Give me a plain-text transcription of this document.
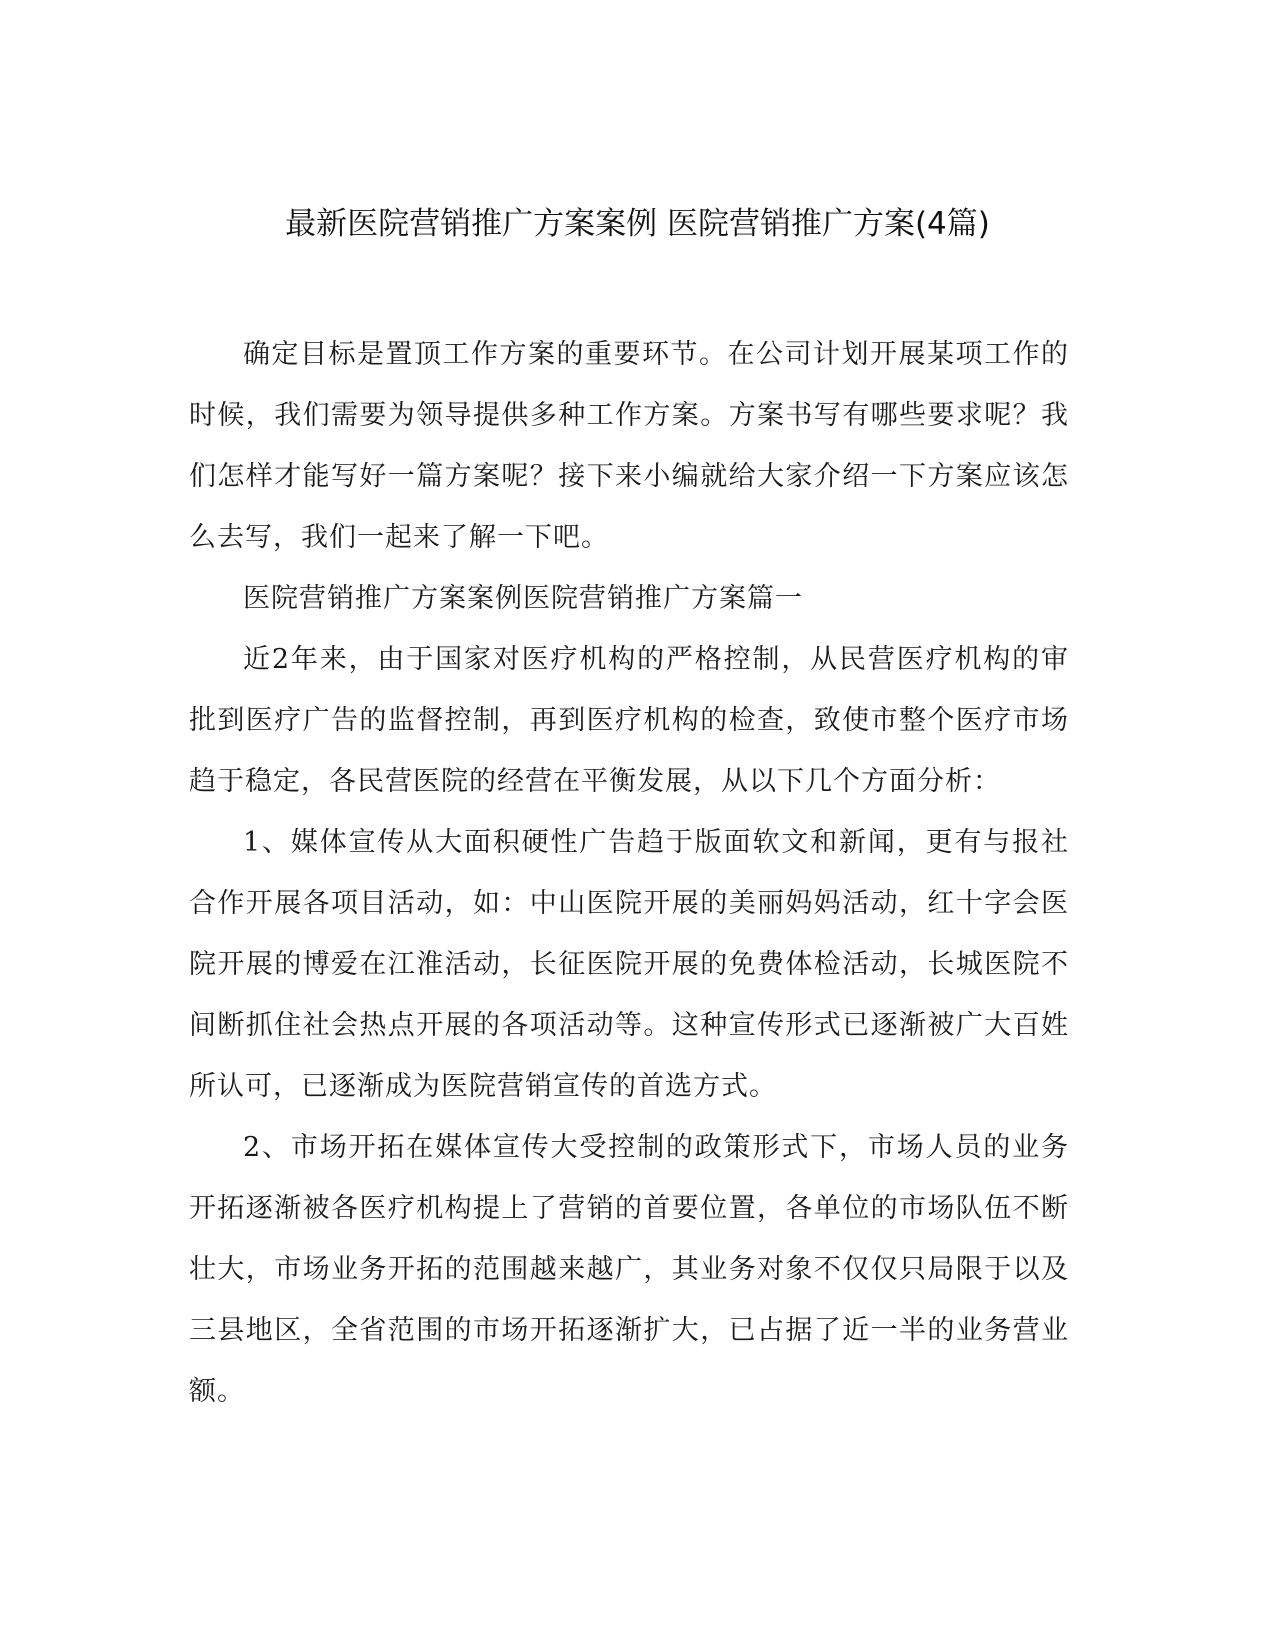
最新医院营销推广方案案例 医院营销推广方案(4篇)

确定目标是置顶工作方案的重要环节。在公司计划开展某项工作的时候，我们需要为领导提供多种工作方案。方案书写有哪些要求呢？我们怎样才能写好一篇方案呢？接下来小编就给大家介绍一下方案应该怎么去写，我们一起来了解一下吧。

医院营销推广方案案例医院营销推广方案篇一

近2年来，由于国家对医疗机构的严格控制，从民营医疗机构的审批到医疗广告的监督控制，再到医疗机构的检查，致使市整个医疗市场趋于稳定，各民营医院的经营在平衡发展，从以下几个方面分析：

1、媒体宣传从大面积硬性广告趋于版面软文和新闻，更有与报社合作开展各项目活动，如：中山医院开展的美丽妈妈活动，红十字会医院开展的博爱在江淮活动，长征医院开展的免费体检活动，长城医院不间断抓住社会热点开展的各项活动等。这种宣传形式已逐渐被广大百姓所认可，已逐渐成为医院营销宣传的首选方式。

2、市场开拓在媒体宣传大受控制的政策形式下，市场人员的业务开拓逐渐被各医疗机构提上了营销的首要位置，各单位的市场队伍不断壮大，市场业务开拓的范围越来越广，其业务对象不仅仅只局限于以及三县地区，全省范围的市场开拓逐渐扩大，已占据了近一半的业务营业额。
